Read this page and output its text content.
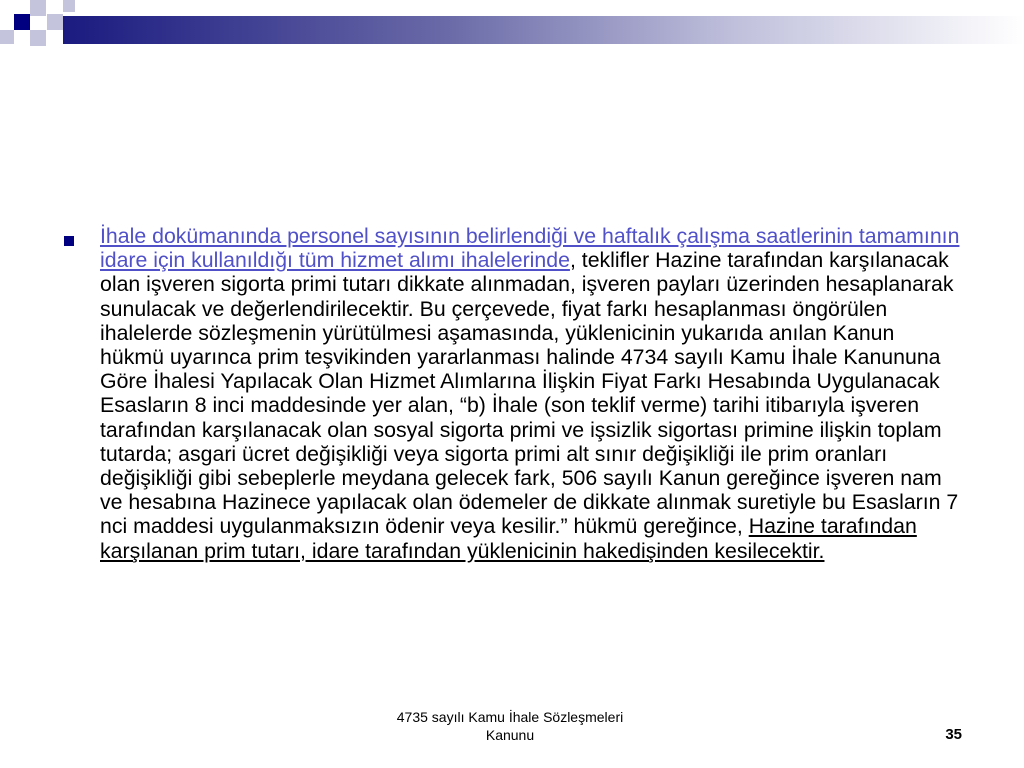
İhale dokümanında personel sayısının belirlendiği ve haftalık çalışma saatlerinin tamamının idare için kullanıldığı tüm hizmet alımı ihalelerinde, teklifler Hazine tarafından karşılanacak olan işveren sigorta primi tutarı dikkate alınmadan, işveren payları üzerinden hesaplanarak sunulacak ve değerlendirilecektir. Bu çerçevede, fiyat farkı hesaplanması öngörülen ihalelerde sözleşmenin yürütülmesi aşamasında, yüklenicinin yukarıda anılan Kanun hükmü uyarınca prim teşvikinden yararlanması halinde 4734 sayılı Kamu İhale Kanununa Göre İhalesi Yapılacak Olan Hizmet Alımlarına İlişkin Fiyat Farkı Hesabında Uygulanacak Esasların 8 inci maddesinde yer alan, “b) İhale (son teklif verme) tarihi itibarıyla işveren tarafından karşılanacak olan sosyal sigorta primi ve işsizlik sigortası primine ilişkin toplam tutarda; asgari ücret değişikliği veya sigorta primi alt sınır değişikliği ile prim oranları değişikliği gibi sebeplerle meydana gelecek fark, 506 sayılı Kanun gereğince işveren nam ve hesabına Hazinece yapılacak olan ödemeler de dikkate alınmak suretiyle bu Esasların 7 nci maddesi uygulanmaksızın ödenir veya kesilir.” hükmü gereğince, Hazine tarafından karşılanan prim tutarı, idare tarafından yüklenicinin hakedişinden kesilecektir.
4735 sayılı Kamu İhale Sözleşmeleri
Kanunu	35
